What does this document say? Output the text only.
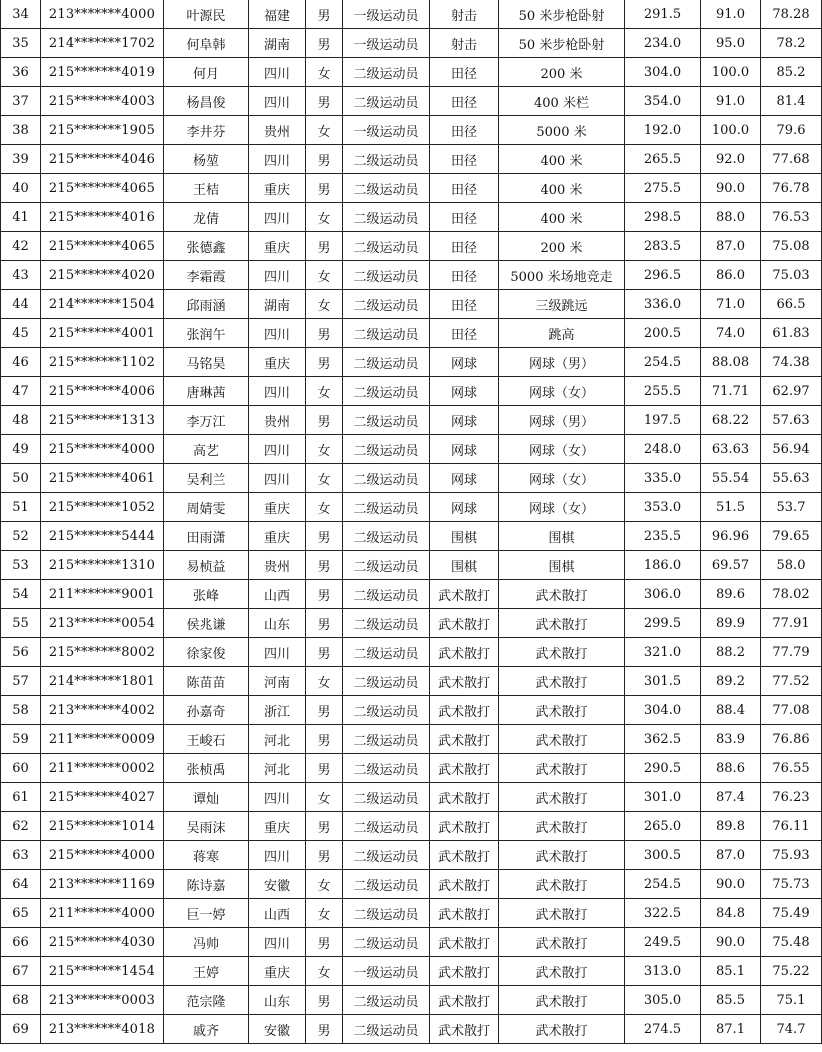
34	213*******4000	叶源民	福建	男	一级运动员	射击	50 米步枪卧射	291.5	91.0	78.28
35	214*******1702	何阜韩	湖南	男	一级运动员	射击	50 米步枪卧射	234.0	95.0	78.2
36	215*******4019	何月	四川	女	二级运动员	田径	200 米	304.0	100.0	85.2
37	215*******4003	杨昌俊	四川	男	二级运动员	田径	400 米栏	354.0	91.0	81.4
38	215*******1905	李井芬	贵州	女	一级运动员	田径	5000 米	192.0	100.0	79.6
39	215*******4046	杨堃	四川	男	二级运动员	田径	400 米	265.5	92.0	77.68
40	215*******4065	王桔	重庆	男	二级运动员	田径	400 米	275.5	90.0	76.78
41	215*******4016	龙倩	四川	女	二级运动员	田径	400 米	298.5	88.0	76.53
42	215*******4065	张德鑫	重庆	男	二级运动员	田径	200 米	283.5	87.0	75.08
43	215*******4020	李霜霞	四川	女	二级运动员	田径	5000 米场地竞走	296.5	86.0	75.03
44	214*******1504	邱雨涵	湖南	女	二级运动员	田径	三级跳远	336.0	71.0	66.5
45	215*******4001	张润午	四川	男	二级运动员	田径	跳高	200.5	74.0	61.83
46	215*******1102	马铭昊	重庆	男	二级运动员	网球	网球（男）	254.5	88.08	74.38
47	215*******4006	唐琳茜	四川	女	二级运动员	网球	网球（女）	255.5	71.71	62.97
48	215*******1313	李万江	贵州	男	二级运动员	网球	网球（男）	197.5	68.22	57.63
49	215*******4000	高艺	四川	女	二级运动员	网球	网球（女）	248.0	63.63	56.94
50	215*******4061	吴利兰	四川	女	二级运动员	网球	网球（女）	335.0	55.54	55.63
51	215*******1052	周婧雯	重庆	女	二级运动员	网球	网球（女）	353.0	51.5	53.7
52	215*******5444	田雨潇	重庆	男	二级运动员	围棋	围棋	235.5	96.96	79.65
53	215*******1310	易桢益	贵州	男	二级运动员	围棋	围棋	186.0	69.57	58.0
54	211*******9001	张峰	山西	男	二级运动员	武术散打	武术散打	306.0	89.6	78.02
55	213*******0054	侯兆谦	山东	男	二级运动员	武术散打	武术散打	299.5	89.9	77.91
56	215*******8002	徐家俊	四川	男	二级运动员	武术散打	武术散打	321.0	88.2	77.79
57	214*******1801	陈苗苗	河南	女	二级运动员	武术散打	武术散打	301.5	89.2	77.52
58	213*******4002	孙嘉奇	浙江	男	二级运动员	武术散打	武术散打	304.0	88.4	77.08
59	211*******0009	王峻石	河北	男	二级运动员	武术散打	武术散打	362.5	83.9	76.86
60	211*******0002	张桢禹	河北	男	二级运动员	武术散打	武术散打	290.5	88.6	76.55
61	215*******4027	谭灿	四川	女	二级运动员	武术散打	武术散打	301.0	87.4	76.23
62	215*******1014	吴雨沫	重庆	男	二级运动员	武术散打	武术散打	265.0	89.8	76.11
63	215*******4000	蒋寒	四川	男	二级运动员	武术散打	武术散打	300.5	87.0	75.93
64	213*******1169	陈诗嘉	安徽	女	二级运动员	武术散打	武术散打	254.5	90.0	75.73
65	211*******4000	巨一婷	山西	女	二级运动员	武术散打	武术散打	322.5	84.8	75.49
66	215*******4030	冯帅	四川	男	二级运动员	武术散打	武术散打	249.5	90.0	75.48
67	215*******1454	王婷	重庆	女	一级运动员	武术散打	武术散打	313.0	85.1	75.22
68	213*******0003	范宗隆	山东	男	二级运动员	武术散打	武术散打	305.0	85.5	75.1
69	213*******4018	戚齐	安徽	男	二级运动员	武术散打	武术散打	274.5	87.1	74.7
